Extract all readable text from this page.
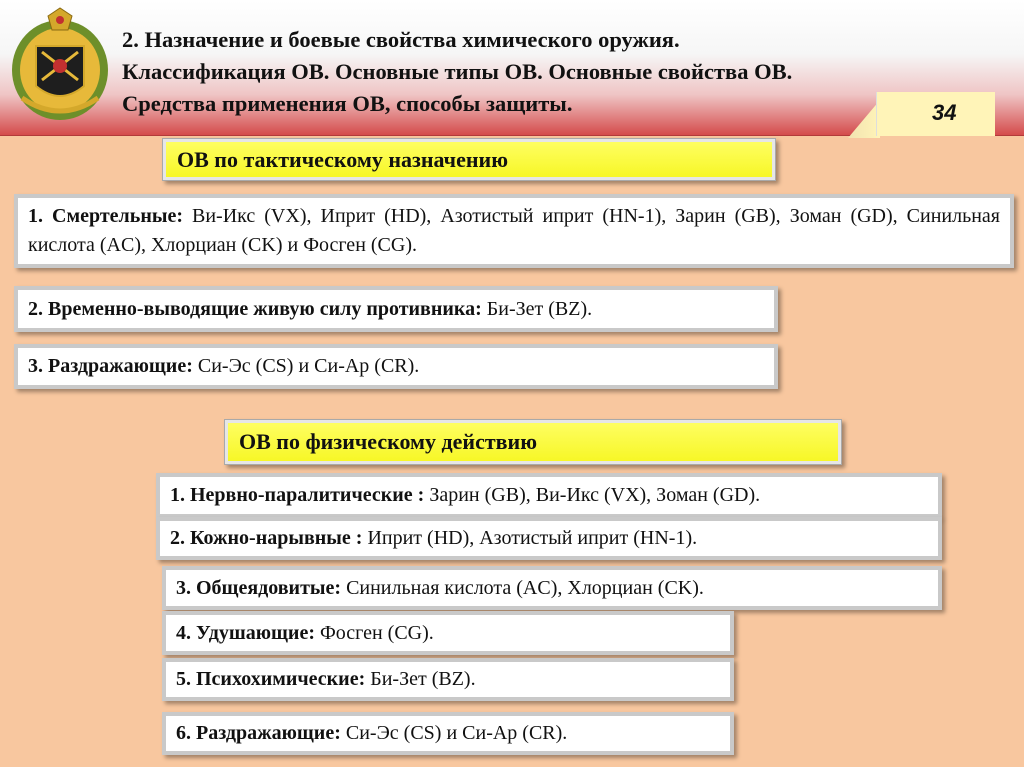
2. Назначение и боевые свойства химического оружия.
Классификация ОВ. Основные типы ОВ. Основные свойства ОВ.
Средства применения ОВ, способы защиты.	34
ОВ по тактическому назначению
1. Смертельные: Ви-Икс (VX), Иприт (HD), Азотистый иприт (HN-1), Зарин (GB), Зоман (GD), Синильная кислота (AC), Хлорциан (CK) и Фосген (CG).
2. Временно-выводящие живую силу противника: Би-Зет (BZ).
3. Раздражающие: Си-Эс (CS) и Си-Ар (CR).
ОВ по физическому действию
1. Нервно-паралитические : Зарин (GB), Ви-Икс (VX), Зоман (GD).
2. Кожно-нарывные : Иприт (HD), Азотистый иприт (HN-1).
3. Общеядовитые: Синильная кислота (AC), Хлорциан (CK).
4. Удушающие: Фосген (CG).
5. Психохимические: Би-Зет (BZ).
6. Раздражающие: Си-Эс (CS) и Си-Ар (CR).
